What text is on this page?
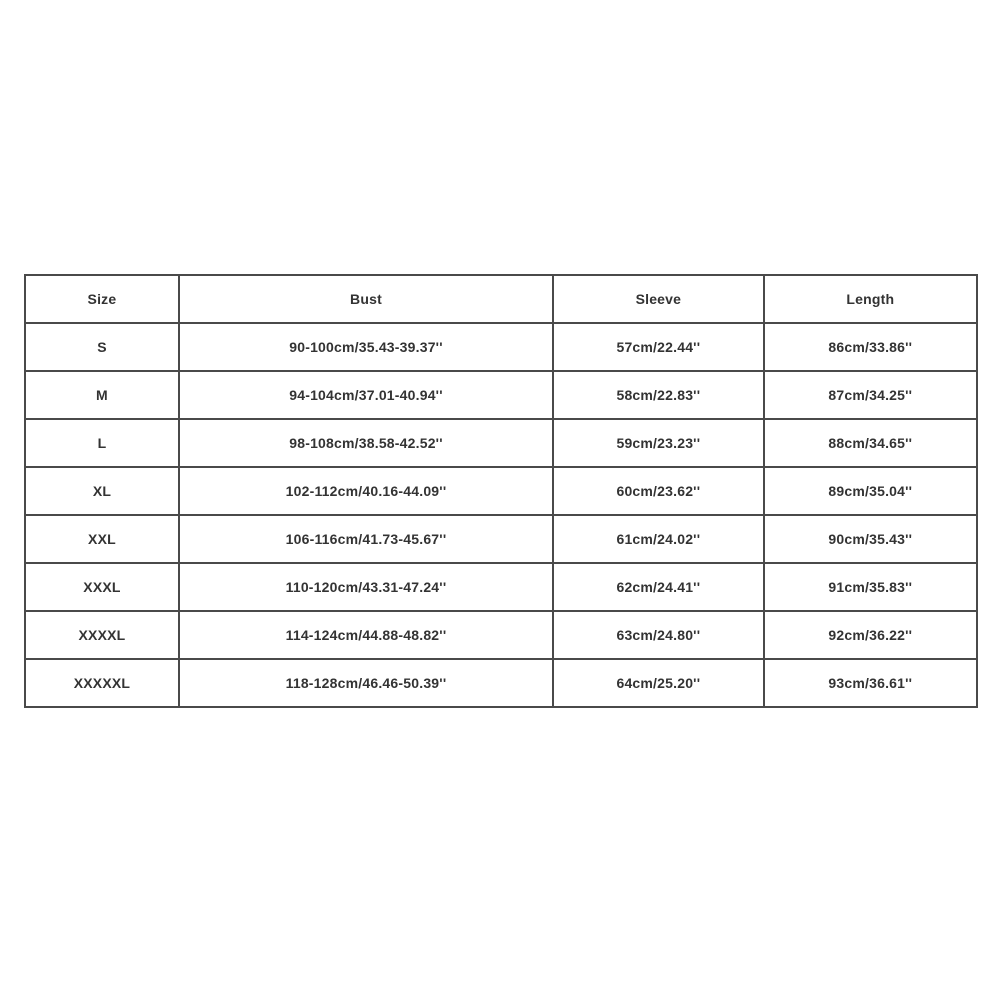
Size	Bust	Sleeve	Length
S	90-100cm/35.43-39.37''	57cm/22.44''	86cm/33.86''
M	94-104cm/37.01-40.94''	58cm/22.83''	87cm/34.25''
L	98-108cm/38.58-42.52''	59cm/23.23''	88cm/34.65''
XL	102-112cm/40.16-44.09''	60cm/23.62''	89cm/35.04''
XXL	106-116cm/41.73-45.67''	61cm/24.02''	90cm/35.43''
XXXL	110-120cm/43.31-47.24''	62cm/24.41''	91cm/35.83''
XXXXL	114-124cm/44.88-48.82''	63cm/24.80''	92cm/36.22''
XXXXXL	118-128cm/46.46-50.39''	64cm/25.20''	93cm/36.61''
